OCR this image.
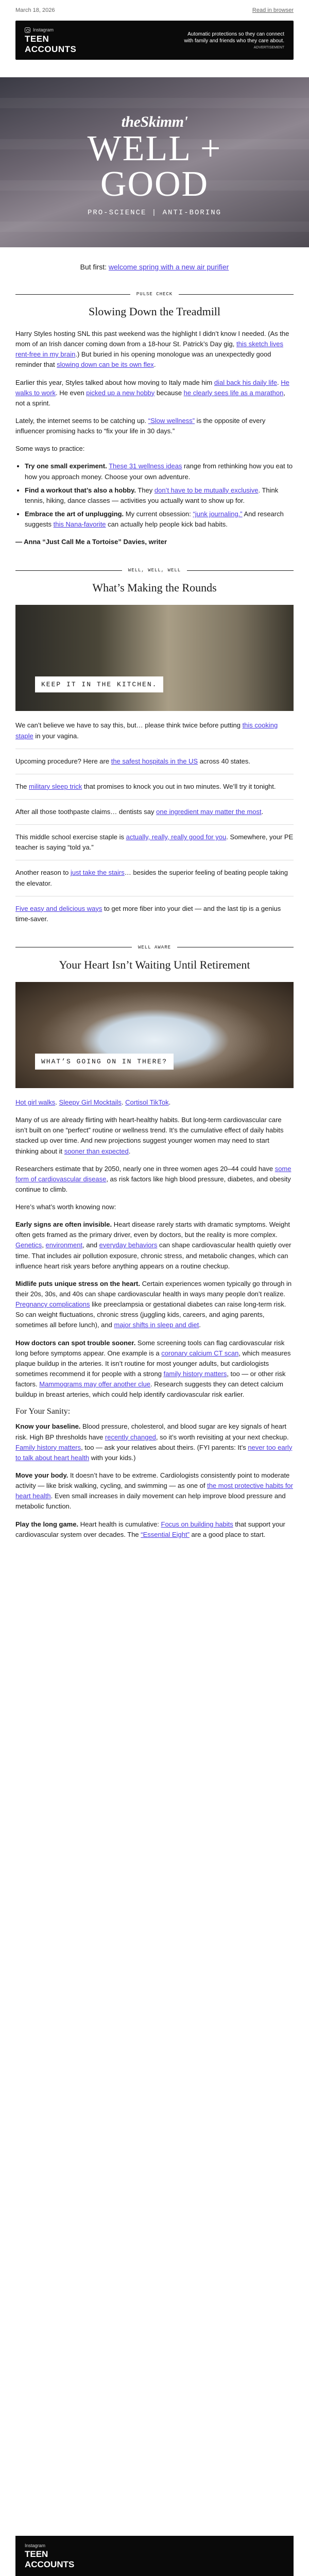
March 18, 2026	Read in browser
Instagram
TEEN
ACCOUNTS
Automatic protections so they can connect with family and friends who they care about.
ADVERTISEMENT
theSkimm'
WELL +
GOOD
PRO-SCIENCE | ANTI-BORING

But first: welcome spring with a new air purifier

PULSE CHECK
Slowing Down the Treadmill

Harry Styles hosting SNL this past weekend was the highlight I didn’t know I needed. (As the mom of an Irish dancer coming down from a 18-hour St. Patrick’s Day gig, this sketch lives rent-free in my brain.) But buried in his opening monologue was an unexpectedly good reminder that slowing down can be its own flex.

Earlier this year, Styles talked about how moving to Italy made him dial back his daily life. He walks to work. He even picked up a new hobby because he clearly sees life as a marathon, not a sprint.

Lately, the internet seems to be catching up. “Slow wellness” is the opposite of every influencer promising hacks to “fix your life in 30 days.”

Some ways to practice:

• Try one small experiment. These 31 wellness ideas range from rethinking how you eat to how you approach money. Choose your own adventure.
• Find a workout that’s also a hobby. They don’t have to be mutually exclusive. Think tennis, hiking, dance classes — activities you actually want to show up for.
• Embrace the art of unplugging. My current obsession: “junk journaling.” And research suggests this Nana-favorite can actually help people kick bad habits.

— Anna “Just Call Me a Tortoise” Davies, writer

WELL, WELL, WELL
What’s Making the Rounds
KEEP IT IN THE KITCHEN.
We can’t believe we have to say this, but… please think twice before putting this cooking staple in your vagina.
Upcoming procedure? Here are the safest hospitals in the US across 40 states.
The military sleep trick that promises to knock you out in two minutes. We’ll try it tonight.
After all those toothpaste claims… dentists say one ingredient may matter the most.
This middle school exercise staple is actually, really, really good for you. Somewhere, your PE teacher is saying “told ya.”
Another reason to just take the stairs… besides the superior feeling of beating people taking the elevator.
Five easy and delicious ways to get more fiber into your diet — and the last tip is a genius time-saver.
WELL AWARE
Your Heart Isn’t Waiting Until Retirement
WHAT’S GOING ON IN THERE?

Hot girl walks. Sleepy Girl Mocktails. Cortisol TikTok.

Many of us are already flirting with heart-healthy habits. But long-term cardiovascular care isn’t built on one “perfect” routine or wellness trend. It’s the cumulative effect of daily habits stacked up over time. And new projections suggest younger women may need to start thinking about it sooner than expected.

Researchers estimate that by 2050, nearly one in three women ages 20–44 could have some form of cardiovascular disease, as risk factors like high blood pressure, diabetes, and obesity continue to climb.

Here’s what’s worth knowing now:

Early signs are often invisible. Heart disease rarely starts with dramatic symptoms. Weight often gets framed as the primary driver, even by doctors, but the reality is more complex. Genetics, environment, and everyday behaviors can shape cardiovascular health quietly over time. That includes air pollution exposure, chronic stress, and metabolic changes, which can influence heart risk years before anything appears on a routine checkup.

Midlife puts unique stress on the heart. Certain experiences women typically go through in their 20s, 30s, and 40s can shape cardiovascular health in ways many people don’t realize. Pregnancy complications like preeclampsia or gestational diabetes can raise long-term risk. So can weight fluctuations, chronic stress (juggling kids, careers, and aging parents, sometimes all before lunch), and major shifts in sleep and diet.

How doctors can spot trouble sooner. Some screening tools can flag cardiovascular risk long before symptoms appear. One example is a coronary calcium CT scan, which measures plaque buildup in the arteries. It isn’t routine for most younger adults, but cardiologists sometimes recommend it for people with a strong family history matters, too — or other risk factors. Mammograms may offer another clue. Research suggests they can detect calcium buildup in breast arteries, which could help identify cardiovascular risk earlier.

For Your Sanity:

Know your baseline. Blood pressure, cholesterol, and blood sugar are key signals of heart risk. High BP thresholds have recently changed, so it’s worth revisiting at your next checkup. Family history matters, too — ask your relatives about theirs. (FYI parents: It’s never too early to talk about heart health with your kids.)

Move your body. It doesn’t have to be extreme. Cardiologists consistently point to moderate activity — like brisk walking, cycling, and swimming — as one of the most protective habits for heart health. Even small increases in daily movement can help improve blood pressure and metabolic function.

Play the long game. Heart health is cumulative: Focus on building habits that support your cardiovascular system over decades. The “Essential Eight” are a good place to start.

Instagram
TEEN
ACCOUNTS
